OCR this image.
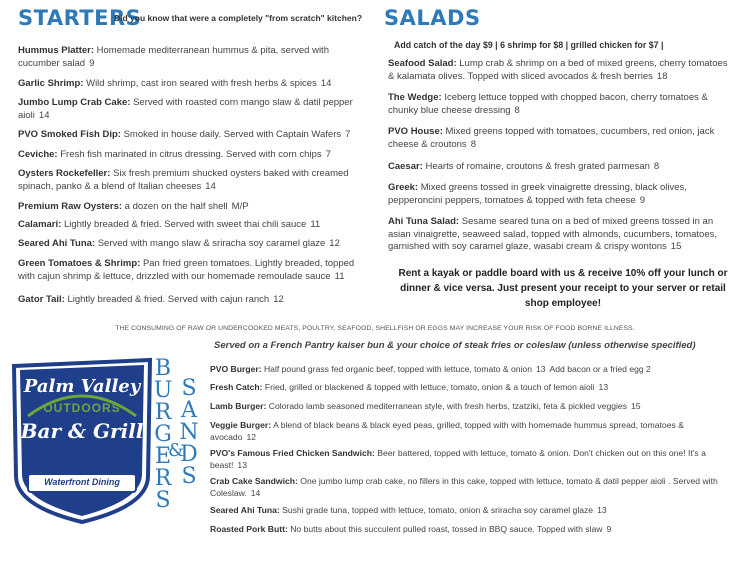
STARTERS
Did you know that were a completely "from scratch" kitchen?
Hummus Platter: Homemade mediterranean hummus & pita, served with cucumber salad 9
Garlic Shrimp: Wild shrimp, cast iron seared with fresh herbs & spices 14
Jumbo Lump Crab Cake: Served with roasted corn mango slaw & datil pepper aioli 14
PVO Smoked Fish Dip: Smoked in house daily. Served with Captain Wafers 7
Ceviche: Fresh fish marinated in citrus dressing. Served with corn chips 7
Oysters Rockefeller: Six fresh premium shucked oysters baked with creamed spinach, panko & a blend of Italian cheeses 14
Premium Raw Oysters: a dozen on the half shell M/P
Calamari: Lightly breaded & fried. Served with sweet thai chili sauce 11
Seared Ahi Tuna: Served with mango slaw & sriracha soy caramel glaze 12
Green Tomatoes & Shrimp: Pan fried green tomatoes. Lightly breaded, topped with cajun shrimp & lettuce, drizzled with our homemade remoulade sauce 11
Gator Tail: Lightly breaded & fried. Served with cajun ranch 12
SALADS
Add catch of the day $9 | 6 shrimp for $8 | grilled chicken for $7 |
Seafood Salad: Lump crab & shrimp on a bed of mixed greens, cherry tomatoes & kalamata olives. Topped with sliced avocados & fresh berries 18
The Wedge: Iceberg lettuce topped with chopped bacon, cherry tomatoes & chunky blue cheese dressing 8
PVO House: Mixed greens topped with tomatoes, cucumbers, red onion, jack cheese & croutons 8
Caesar: Hearts of romaine, croutons & fresh grated parmesan 8
Greek: Mixed greens tossed in greek vinaigrette dressing, black olives, pepperoncini peppers, tomatoes & topped with feta cheese 9
Ahi Tuna Salad: Sesame seared tuna on a bed of mixed greens tossed in an asian vinaigrette, seaweed salad, topped with almonds, cucumbers, tomatoes, garnished with soy caramel glaze, wasabi cream & crispy wontons 15
Rent a kayak or paddle board with us & receive 10% off your lunch or dinner & vice versa. Just present your receipt to your server or retail shop employee!
THE CONSUMING OF RAW OR UNDERCOOKED MEATS, POULTRY, SEAFOOD, SHELLFISH OR EGGS MAY INCREASE YOUR RISK OF FOOD BORNE ILLNESS.
Served on a French Pantry kaiser bun & your choice of steak fries or coleslaw (unless otherwise specified)
Palm Valley
OUTDOORS
Bar & Grill
Waterfront Dining
B
U
R
G
E
R
S
&
S
A
N
D
S
PVO Burger: Half pound grass fed organic beef, topped with lettuce, tomato & onion 13 Add bacon or a fried egg 2
Fresh Catch: Fried, grilled or blackened & topped with lettuce, tomato, onion & a touch of lemon aioli 13
Lamb Burger: Colorado lamb seasoned mediterranean style, with fresh herbs, tzatziki, feta & pickled veggies 15
Veggie Burger: A blend of black beans & black eyed peas, grilled, topped with with homemade hummus spread, tomatoes & avocado 12
PVO's Famous Fried Chicken Sandwich: Beer battered, topped with lettuce, tomato & onion. Don't chicken out on this one! It's a beast! 13
Crab Cake Sandwich: One jumbo lump crab cake, no fillers in this cake, topped with lettuce, tomato & datil pepper aioli . Served with Coleslaw. 14
Seared Ahi Tuna: Sushi grade tuna, topped with lettuce, tomato, onion & sriracha soy caramel glaze 13
Roasted Pork Butt: No butts about this succulent pulled roast, tossed in BBQ sauce. Topped with slaw 9
